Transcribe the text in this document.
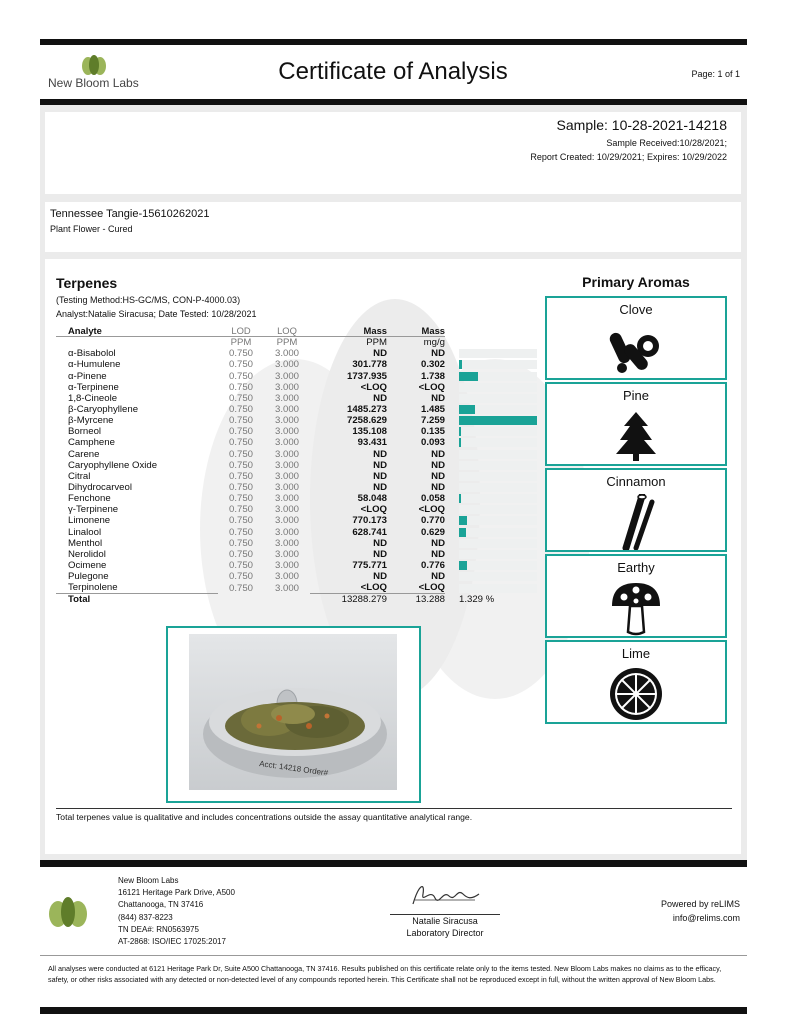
New Bloom Labs	Certificate of Analysis	Page: 1 of 1
Sample: 10-28-2021-14218
Sample Received:10/28/2021;
Report Created: 10/29/2021; Expires: 10/29/2022
Tennessee Tangie-15610262021
Plant Flower - Cured
Terpenes
(Testing Method:HS-GC/MS, CON-P-4000.03)
Analyst:Natalie Siracusa; Date Tested: 10/28/2021
Analyte	LOD	LOQ	Mass	Mass	
	PPM	PPM	PPM	mg/g	
α-Bisabolol	0.750	3.000	ND	ND	

α-Humulene	0.750	3.000	301.778	0.302	

α-Pinene	0.750	3.000	1737.935	1.738	

α-Terpinene	0.750	3.000	<LOQ	<LOQ	

1,8-Cineole	0.750	3.000	ND	ND	

β-Caryophyllene	0.750	3.000	1485.273	1.485	

β-Myrcene	0.750	3.000	7258.629	7.259	

Borneol	0.750	3.000	135.108	0.135	

Camphene	0.750	3.000	93.431	0.093	

Carene	0.750	3.000	ND	ND	

Caryophyllene Oxide	0.750	3.000	ND	ND	

Citral	0.750	3.000	ND	ND	

Dihydrocarveol	0.750	3.000	ND	ND	

Fenchone	0.750	3.000	58.048	0.058	

γ-Terpinene	0.750	3.000	<LOQ	<LOQ	

Limonene	0.750	3.000	770.173	0.770	

Linalool	0.750	3.000	628.741	0.629	

Menthol	0.750	3.000	ND	ND	

Nerolidol	0.750	3.000	ND	ND	

Ocimene	0.750	3.000	775.771	0.776	

Pulegone	0.750	3.000	ND	ND	

Terpinolene	0.750	3.000	<LOQ	<LOQ	

Total			13288.279	13.288	1.329 %
Acct: 14218 Order#
Total terpenes value is qualitative and includes concentrations outside the assay quantitative analytical range.
Primary Aromas
Clove
Pine
Cinnamon
Earthy
Lime
New Bloom Labs
16121 Heritage Park Drive, A500
Chattanooga, TN 37416
(844) 837-8223
TN DEA#: RN0563975
AT-2868: ISO/IEC 17025:2017
Natalie Siracusa
Laboratory Director
Powered by reLIMS
info@relims.com
All analyses were conducted at 6121 Heritage Park Dr, Suite A500 Chattanooga, TN 37416. Results published on this certificate relate only to the items tested. New Bloom Labs makes no claims as to the efficacy, safety, or other risks associated with any detected or non-detected level of any compounds reported herein. This Certificate shall not be reproduced except in full, without the written approval of New Bloom Labs.
